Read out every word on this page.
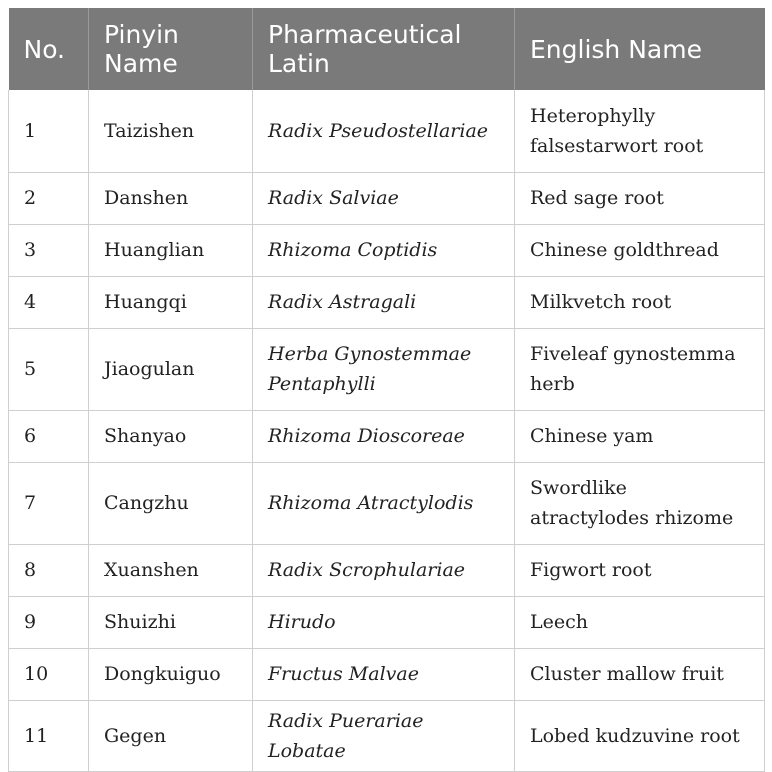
No.	Pinyin Name	Pharmaceutical Latin	English Name
1	Taizishen	Radix Pseudostellariae	Heterophylly falsestarwort root
2	Danshen	Radix Salviae	Red sage root
3	Huanglian	Rhizoma Coptidis	Chinese goldthread
4	Huangqi	Radix Astragali	Milkvetch root
5	Jiaogulan	Herba Gynostemmae Pentaphylli	Fiveleaf gynostemma herb
6	Shanyao	Rhizoma Dioscoreae	Chinese yam
7	Cangzhu	Rhizoma Atractylodis	Swordlike atractylodes rhizome
8	Xuanshen	Radix Scrophulariae	Figwort root
9	Shuizhi	Hirudo	Leech
10	Dongkuiguo	Fructus Malvae	Cluster mallow fruit
11	Gegen	Radix Puerariae Lobatae	Lobed kudzuvine root
